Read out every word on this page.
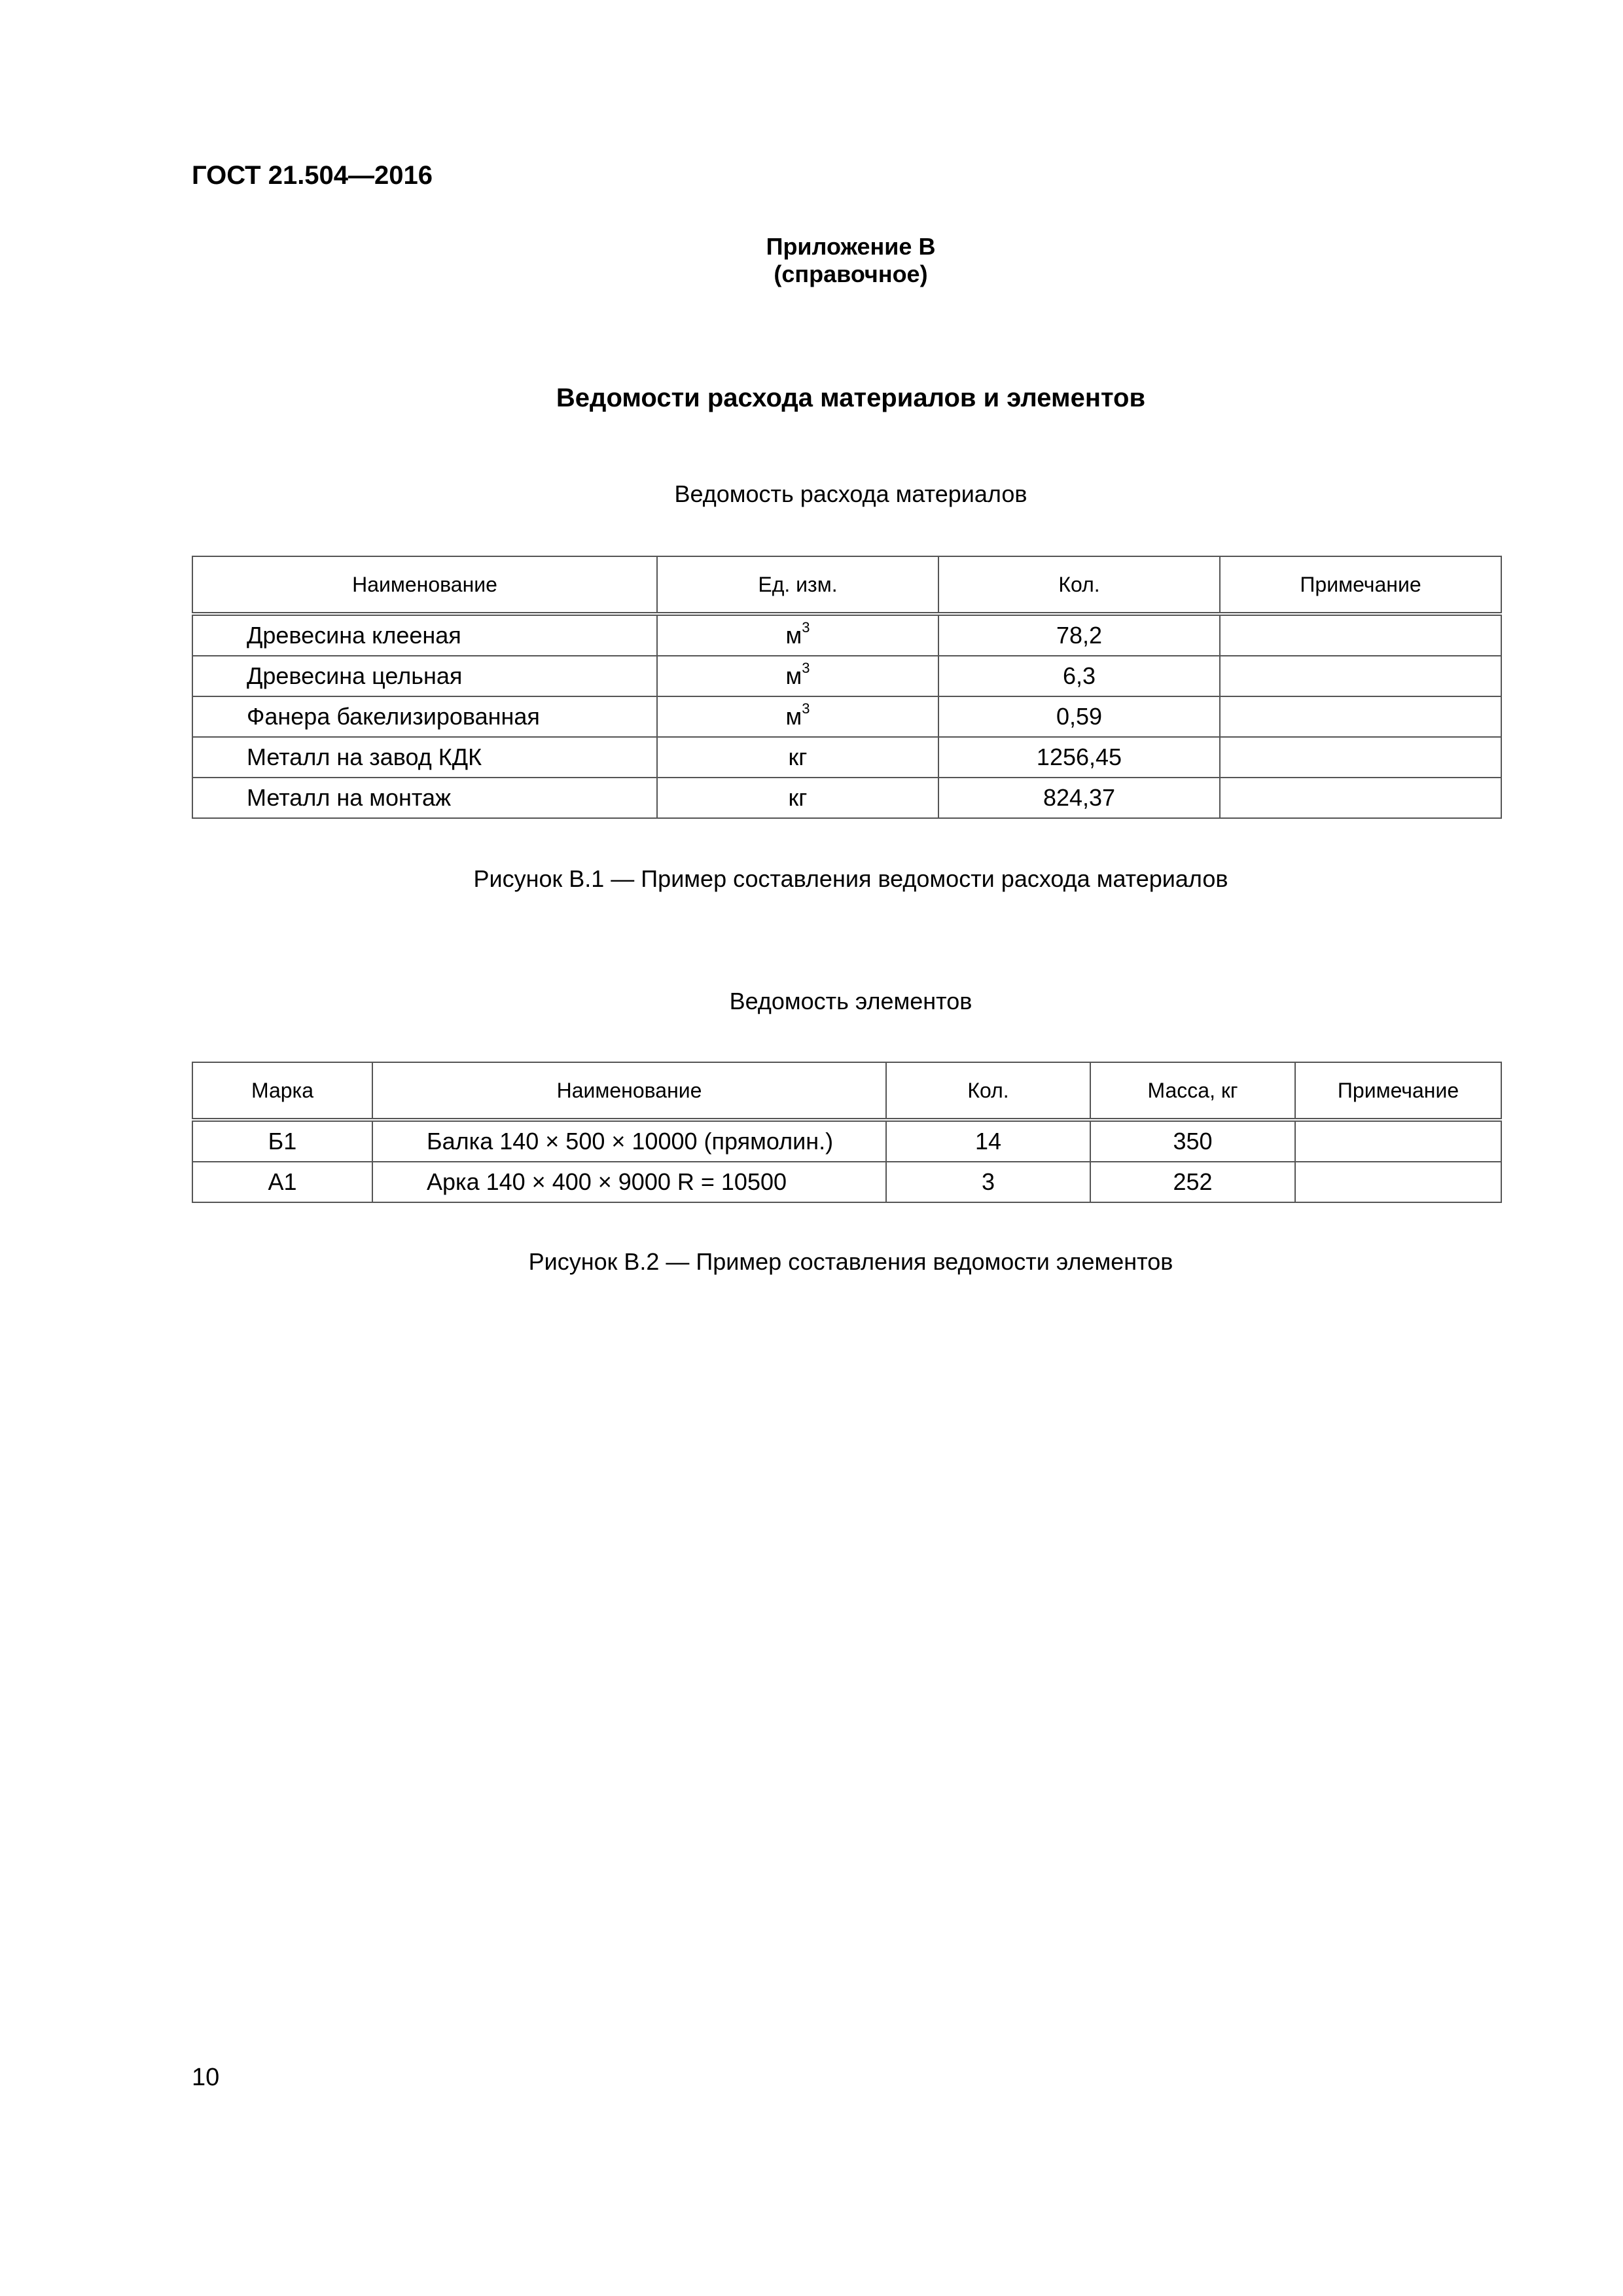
ГОСТ 21.504—2016
Приложение В
(справочное)
Ведомости расхода материалов и элементов
Ведомость расхода материалов
Наименование	Ед. изм.	Кол.	Примечание
Древесина клееная	$м^3$	78,2	
Древесина цельная	$м^3$	6,3	
Фанера бакелизированная	$м^3$	0,59	
Металл на завод КДК	кг	1256,45	
Металл на монтаж	кг	824,37	
Рисунок В.1 — Пример составления ведомости расхода материалов
Ведомость элементов
Марка	Наименование	Кол.	Масса, кг	Примечание
Б1	Балка 140 × 500 × 10000 (прямолин.)	14	350	
А1	Арка 140 × 400 × 9000 R = 10500	3	252	
Рисунок В.2 — Пример составления ведомости элементов
10
